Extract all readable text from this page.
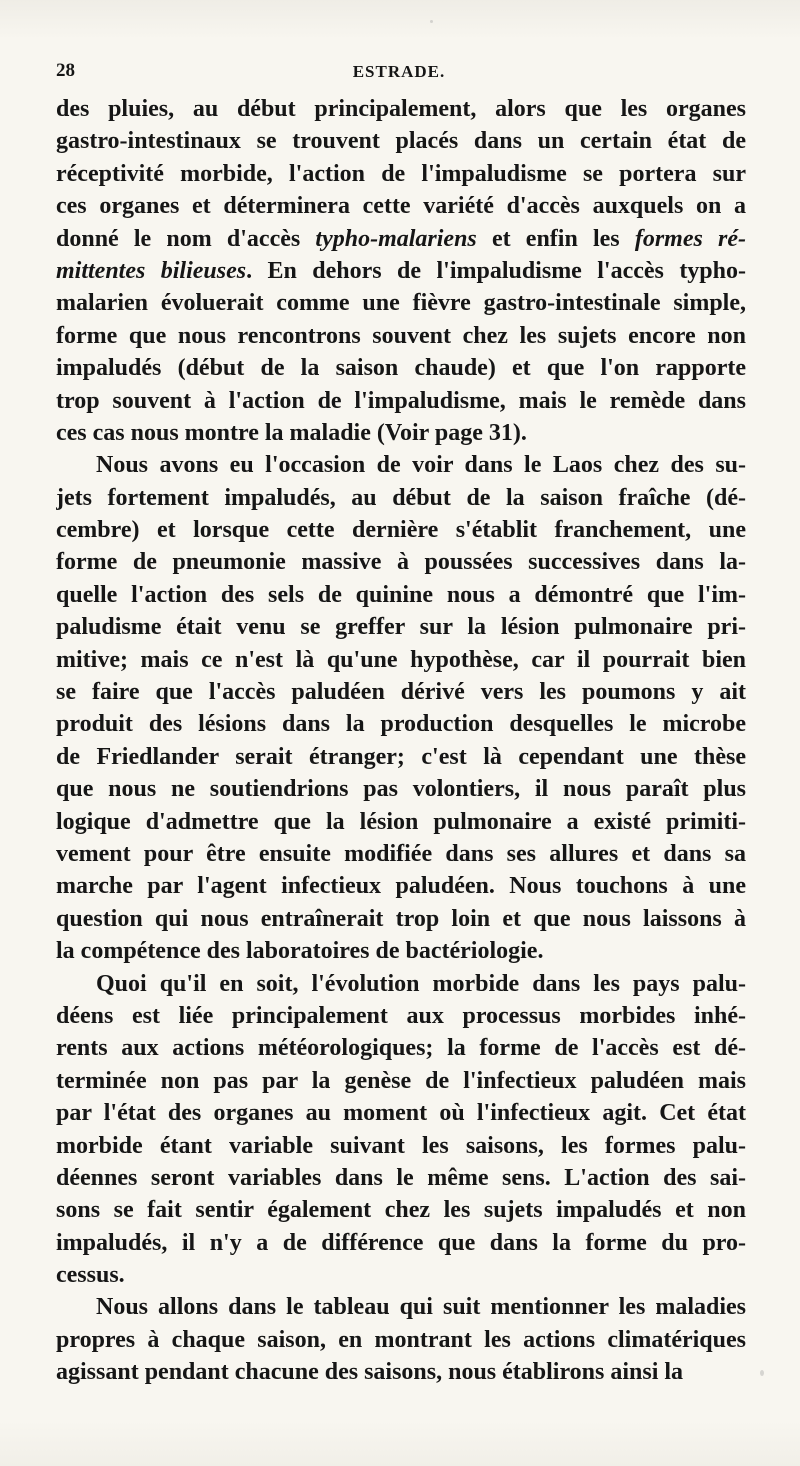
28	ESTRADE.
des pluies, au début principalement, alors que les organes
gastro-intestinaux se trouvent placés dans un certain état de
réceptivité morbide, l'action de l'impaludisme se portera sur
ces organes et déterminera cette variété d'accès auxquels on a
donné le nom d'accès typho-malariens et enfin les formes ré-
mittentes bilieuses. En dehors de l'impaludisme l'accès typho-
malarien évoluerait comme une fièvre gastro-intestinale simple,
forme que nous rencontrons souvent chez les sujets encore non
impaludés (début de la saison chaude) et que l'on rapporte
trop souvent à l'action de l'impaludisme, mais le remède dans
ces cas nous montre la maladie (Voir page 31).
Nous avons eu l'occasion de voir dans le Laos chez des su-
jets fortement impaludés, au début de la saison fraîche (dé-
cembre) et lorsque cette dernière s'établit franchement, une
forme de pneumonie massive à poussées successives dans la-
quelle l'action des sels de quinine nous a démontré que l'im-
paludisme était venu se greffer sur la lésion pulmonaire pri-
mitive; mais ce n'est là qu'une hypothèse, car il pourrait bien
se faire que l'accès paludéen dérivé vers les poumons y ait
produit des lésions dans la production desquelles le microbe
de Friedlander serait étranger; c'est là cependant une thèse
que nous ne soutiendrions pas volontiers, il nous paraît plus
logique d'admettre que la lésion pulmonaire a existé primiti-
vement pour être ensuite modifiée dans ses allures et dans sa
marche par l'agent infectieux paludéen. Nous touchons à une
question qui nous entraînerait trop loin et que nous laissons à
la compétence des laboratoires de bactériologie.
Quoi qu'il en soit, l'évolution morbide dans les pays palu-
déens est liée principalement aux processus morbides inhé-
rents aux actions météorologiques; la forme de l'accès est dé-
terminée non pas par la genèse de l'infectieux paludéen mais
par l'état des organes au moment où l'infectieux agit. Cet état
morbide étant variable suivant les saisons, les formes palu-
déennes seront variables dans le même sens. L'action des sai-
sons se fait sentir également chez les sujets impaludés et non
impaludés, il n'y a de différence que dans la forme du pro-
cessus.
Nous allons dans le tableau qui suit mentionner les maladies
propres à chaque saison, en montrant les actions climatériques
agissant pendant chacune des saisons, nous établirons ainsi la
